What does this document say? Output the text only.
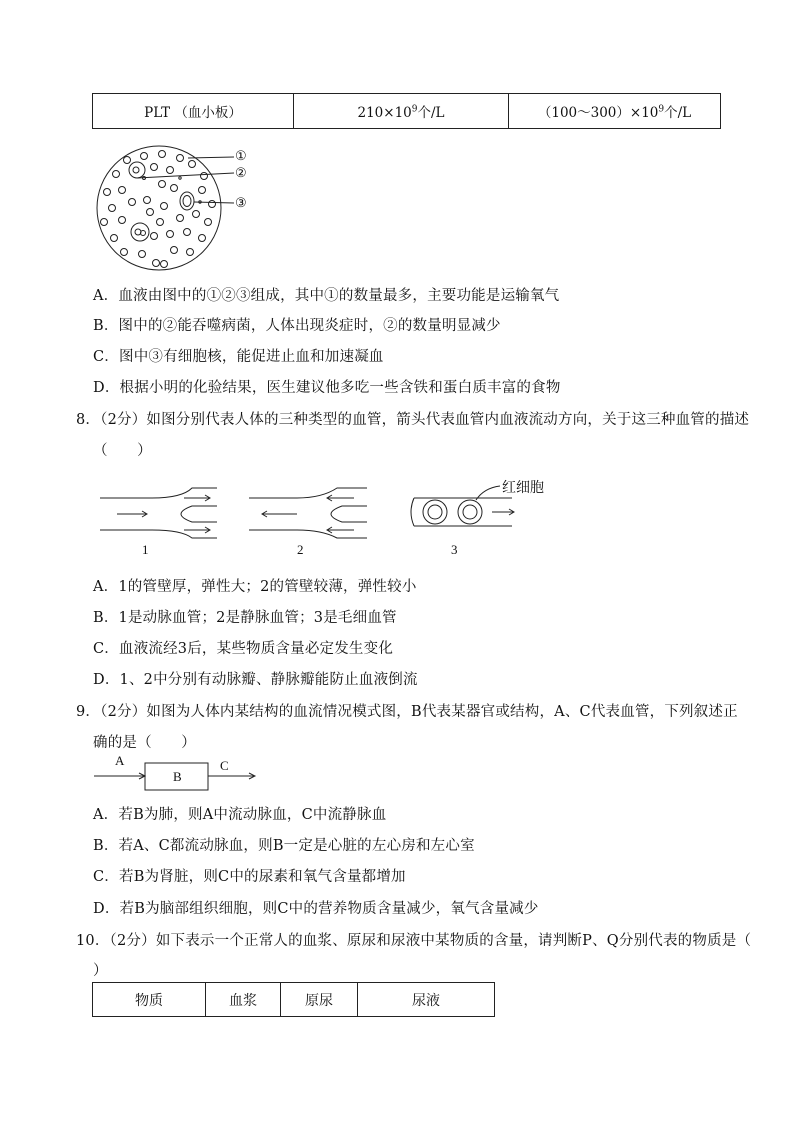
PLT （血小板）	$210\times 10^9$个/L	$(100\sim 300)\times 10^9$个/L
①
②
③
A．血液由图中的①②③组成，其中①的数量最多，主要功能是运输氧气
B．图中的②能吞噬病菌，人体出现炎症时，②的数量明显减少
C．图中③有细胞核，能促进止血和加速凝血
D．根据小明的化验结果，医生建议他多吃一些含铁和蛋白质丰富的食物
8．（2分）如图分别代表人体的三种类型的血管，箭头代表血管内血液流动方向，关于这三种血管的描述
（　　）
红细胞
1	2	3
A．1的管壁厚，弹性大；2的管壁较薄，弹性较小
B．1是动脉血管；2是静脉血管；3是毛细血管
C．血液流经3后，某些物质含量必定发生变化
D．1、2中分别有动脉瓣、静脉瓣能防止血液倒流
9．（2分）如图为人体内某结构的血流情况模式图，B代表某器官或结构，A、C代表血管，下列叙述正
确的是（　　）
A
B
C
A．若B为肺，则A中流动脉血，C中流静脉血
B．若A、C都流动脉血，则B一定是心脏的左心房和左心室
C．若B为肾脏，则C中的尿素和氧气含量都增加
D．若B为脑部组织细胞，则C中的营养物质含量减少，氧气含量减少
10．（2分）如下表示一个正常人的血浆、原尿和尿液中某物质的含量，请判断P、Q分别代表的物质是（
）
物质	血浆	原尿	尿液
